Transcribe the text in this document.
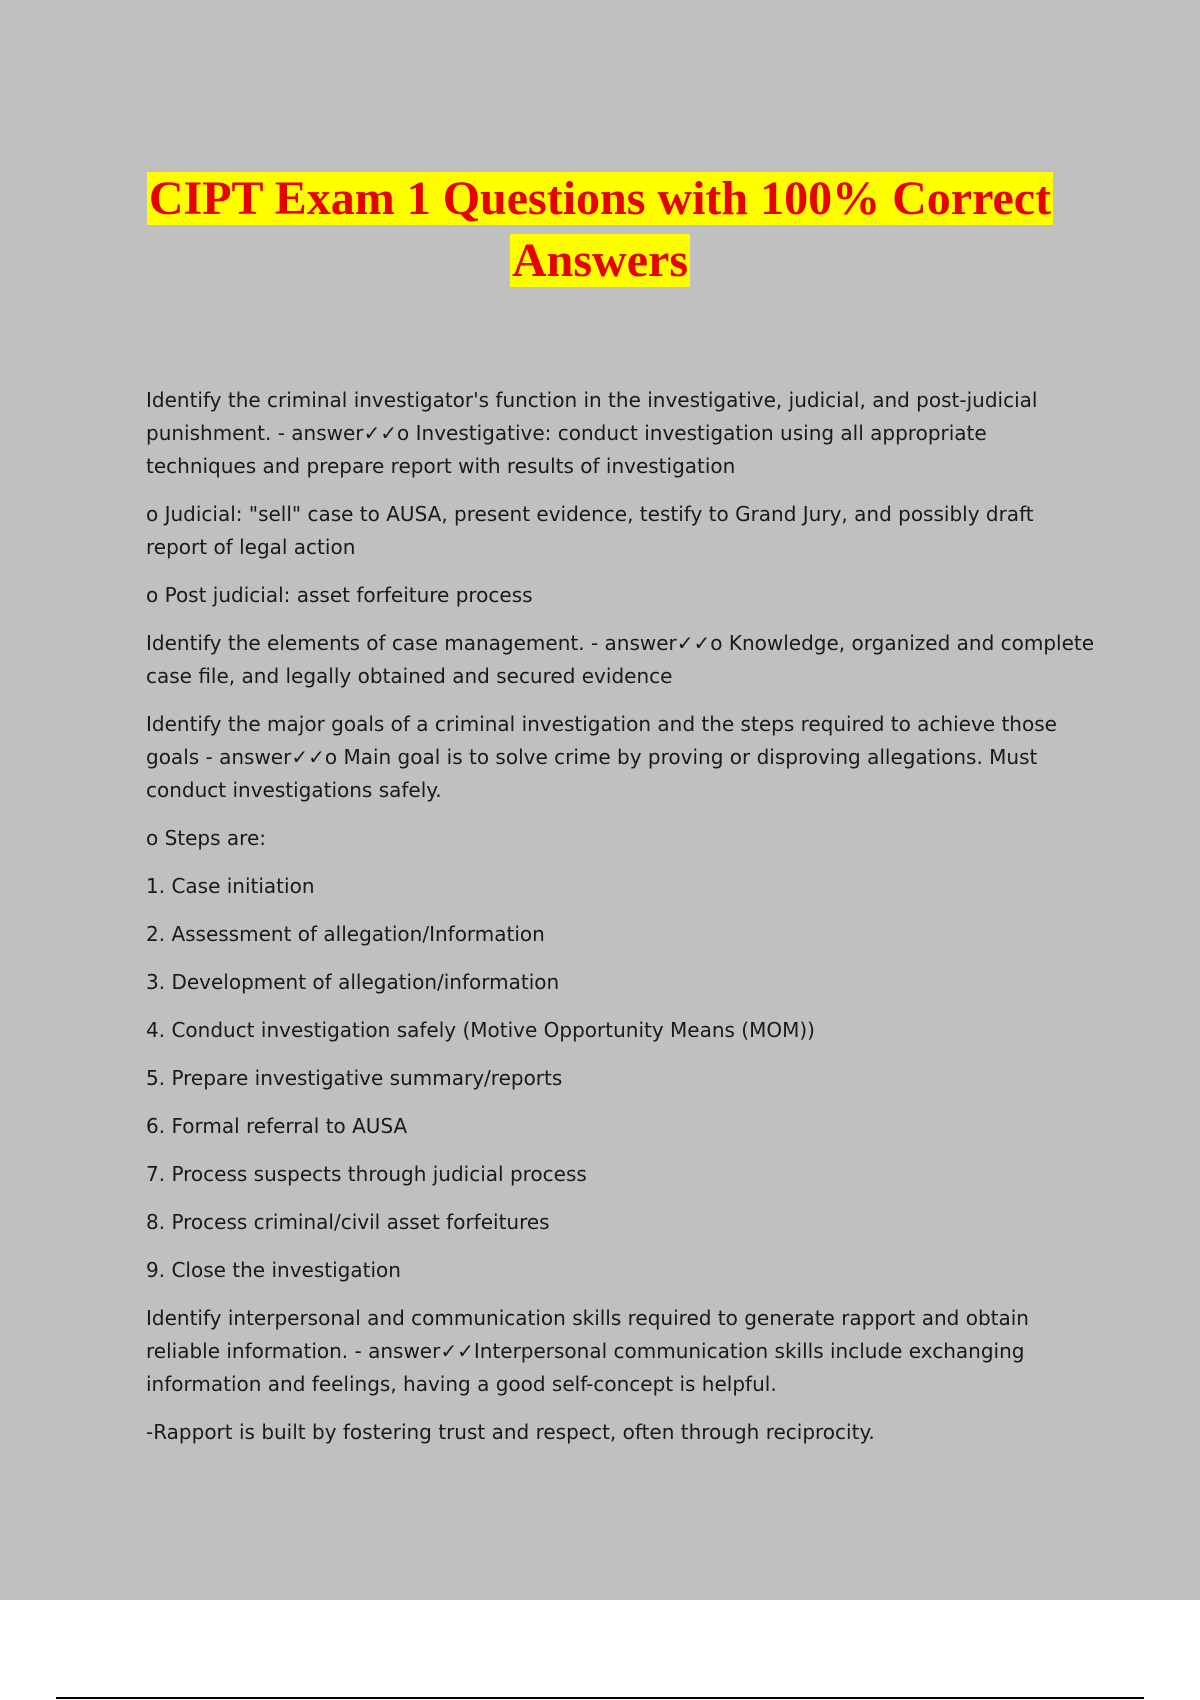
CIPT Exam 1 Questions with 100% Correct
Answers

Identify the criminal investigator's function in the investigative, judicial, and post-judicial punishment. - answer✓✓o Investigative: conduct investigation using all appropriate techniques and prepare report with results of investigation

o Judicial: "sell" case to AUSA, present evidence, testify to Grand Jury, and possibly draft report of legal action

o Post judicial: asset forfeiture process

Identify the elements of case management. - answer✓✓o Knowledge, organized and complete case file, and legally obtained and secured evidence

Identify the major goals of a criminal investigation and the steps required to achieve those goals - answer✓✓o Main goal is to solve crime by proving or disproving allegations. Must conduct investigations safely.

o Steps are:

1. Case initiation

2. Assessment of allegation/Information

3. Development of allegation/information

4. Conduct investigation safely (Motive Opportunity Means (MOM))

5. Prepare investigative summary/reports

6. Formal referral to AUSA

7. Process suspects through judicial process

8. Process criminal/civil asset forfeitures

9. Close the investigation

Identify interpersonal and communication skills required to generate rapport and obtain reliable information. - answer✓✓Interpersonal communication skills include exchanging information and feelings, having a good self-concept is helpful.

-Rapport is built by fostering trust and respect, often through reciprocity.
